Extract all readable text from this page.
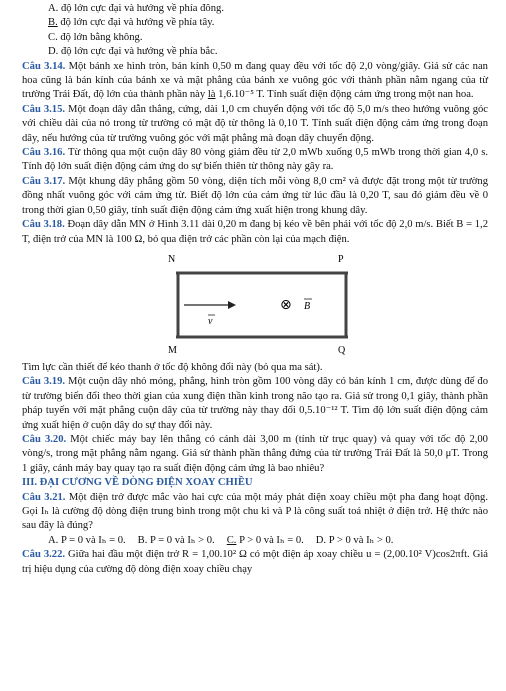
A. độ lớn cực đại và hướng về phía đông.
B. độ lớn cực đại và hướng về phía tây.
C. độ lớn bằng không.
D. độ lớn cực đại và hướng về phía bắc.

Câu 3.14. Một bánh xe hình tròn, bán kính 0,50 m đang quay đều với tốc độ 2,0 vòng/giây. Giả sử các nan hoa cũng là bán kính của bánh xe và mặt phẳng của bánh xe vuông góc với thành phần nằm ngang của từ trường Trái Đất, độ lớn của thành phần này là 1,6.10⁻⁵ T. Tính suất điện động cảm ứng trong một nan hoa.

Câu 3.15. Một đoạn dây dẫn thẳng, cứng, dài 1,0 cm chuyển động với tốc độ 5,0 m/s theo hướng vuông góc với chiều dài của nó trong từ trường có mật độ từ thông là 0,10 T. Tính suất điện động cảm ứng trong đoạn dây, nếu hướng của từ trường vuông góc với mặt phẳng mà đoạn dây chuyển động.

Câu 3.16. Từ thông qua một cuộn dây 80 vòng giảm đều từ 2,0 mWb xuống 0,5 mWb trong thời gian 4,0 s. Tính độ lớn suất điện động cảm ứng do sự biến thiên từ thông này gây ra.

Câu 3.17. Một khung dây phẳng gồm 50 vòng, diện tích mỗi vòng 8,0 cm² và được đặt trong một từ trường đồng nhất vuông góc với cảm ứng từ. Biết độ lớn của cảm ứng từ lúc đầu là 0,20 T, sau đó giảm đều về 0 trong thời gian 0,50 giây, tính suất điện động cảm ứng xuất hiện trong khung dây.

Câu 3.18. Đoạn dây dẫn MN ở Hình 3.11 dài 0,20 m đang bị kéo về bên phải với tốc độ 2,0 m/s. Biết B = 1,2 T, điện trở của MN là 100 Ω, bỏ qua điện trở các phần còn lại của mạch điện.

N	P
v
⊗ B
M	Q

Tìm lực cần thiết để kéo thanh ở tốc độ không đổi này (bỏ qua ma sát).

Câu 3.19. Một cuộn dây nhỏ mỏng, phẳng, hình tròn gồm 100 vòng dây có bán kính 1 cm, được dùng để đo từ trường biến đổi theo thời gian của xung điện thần kinh trong não tạo ra. Giả sử trong 0,1 giây, thành phần pháp tuyến với mặt phẳng cuộn dây của từ trường này thay đổi 0,5.10⁻¹² T. Tìm độ lớn suất điện động cảm ứng xuất hiện ở cuộn dây do sự thay đổi này.

Câu 3.20. Một chiếc máy bay lên thẳng có cánh dài 3,00 m (tính từ trục quay) và quay với tốc độ 2,00 vòng/s, trong mặt phẳng nằm ngang. Giả sử thành phần thẳng đứng của từ trường Trái Đất là 50,0 μT. Trong 1 giây, cánh máy bay quay tạo ra suất điện động cảm ứng là bao nhiêu?

III. ĐẠI CƯƠNG VỀ DÒNG ĐIỆN XOAY CHIỀU

Câu 3.21. Một điện trở được mắc vào hai cực của một máy phát điện xoay chiều một pha đang hoạt động. Gọi Iₕ là cường độ dòng điện trung bình trong một chu kì và P là công suất toả nhiệt ở điện trở. Hệ thức nào sau đây là đúng?

A. P = 0 và Iₕ = 0. B. P = 0 và Iₕ > 0. C. P > 0 và Iₕ = 0. D. P > 0 và Iₕ > 0.

Câu 3.22. Giữa hai đầu một điện trở R = 1,00.10² Ω có một điện áp xoay chiều u = (2,00.10² V)cos2πft. Giá trị hiệu dụng của cường độ dòng điện xoay chiều chạy
